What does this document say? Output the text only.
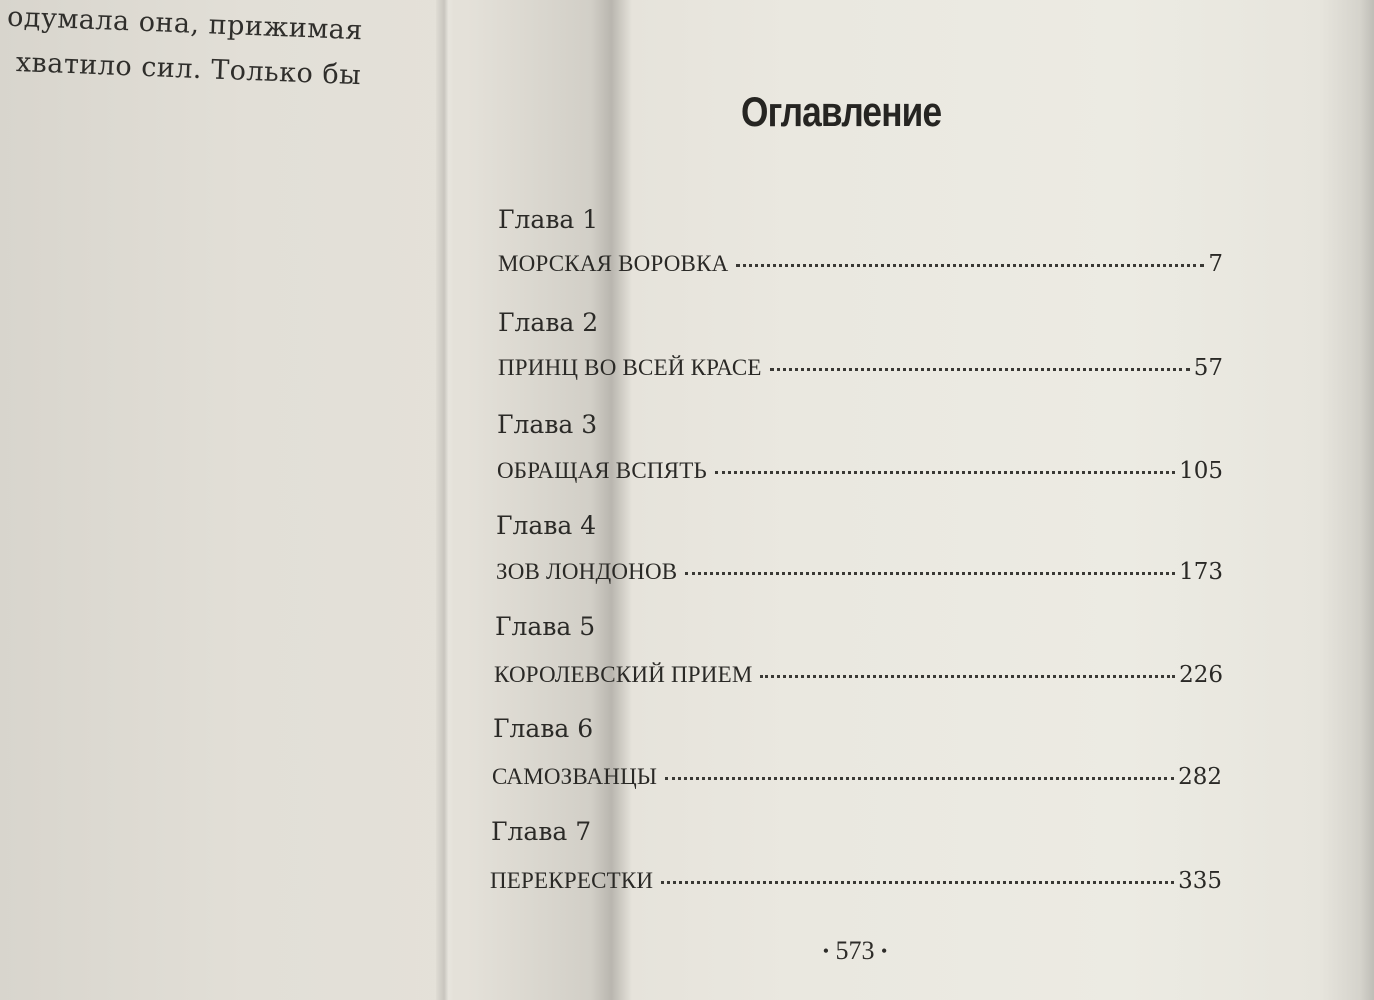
одумала она, прижимая
хватило сил. Только бы
Оглавление
Глава 1
МОРСКАЯ ВОРОВКА	7
Глава 2
ПРИНЦ ВО ВСЕЙ КРАСЕ	57
Глава 3
ОБРАЩАЯ ВСПЯТЬ	105
Глава 4
ЗОВ ЛОНДОНОВ	173
Глава 5
КОРОЛЕВСКИЙ ПРИЕМ	226
Глава 6
САМОЗВАНЦЫ	282
Глава 7
ПЕРЕКРЕСТКИ	335
• 573 •
